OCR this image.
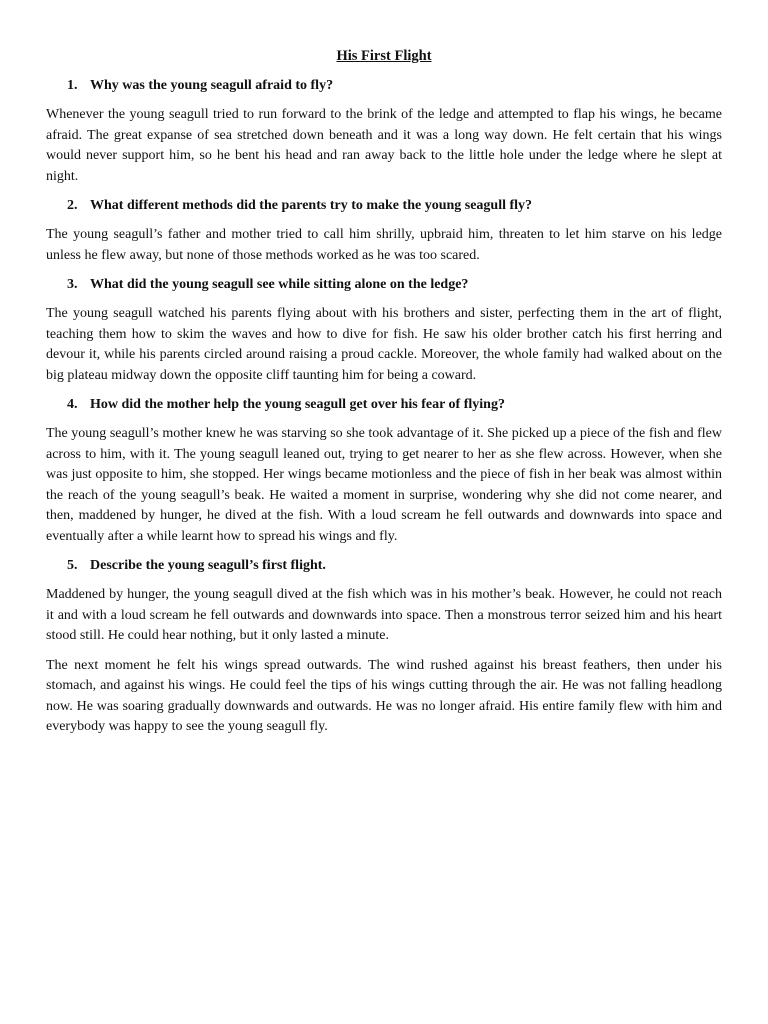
His First Flight
1. Why was the young seagull afraid to fly?

Whenever the young seagull tried to run forward to the brink of the ledge and attempted to flap his wings, he became afraid. The great expanse of sea stretched down beneath and it was a long way down. He felt certain that his wings would never support him, so he bent his head and ran away back to the little hole under the ledge where he slept at night.

2. What different methods did the parents try to make the young seagull fly?

The young seagull’s father and mother tried to call him shrilly, upbraid him, threaten to let him starve on his ledge unless he flew away, but none of those methods worked as he was too scared.

3. What did the young seagull see while sitting alone on the ledge?

The young seagull watched his parents flying about with his brothers and sister, perfecting them in the art of flight, teaching them how to skim the waves and how to dive for fish. He saw his older brother catch his first herring and devour it, while his parents circled around raising a proud cackle. Moreover, the whole family had walked about on the big plateau midway down the opposite cliff taunting him for being a coward.

4. How did the mother help the young seagull get over his fear of flying?

The young seagull’s mother knew he was starving so she took advantage of it. She picked up a piece of the fish and flew across to him, with it. The young seagull leaned out, trying to get nearer to her as she flew across. However, when she was just opposite to him, she stopped. Her wings became motionless and the piece of fish in her beak was almost within the reach of the young seagull’s beak. He waited a moment in surprise, wondering why she did not come nearer, and then, maddened by hunger, he dived at the fish. With a loud scream he fell outwards and downwards into space and eventually after a while learnt how to spread his wings and fly.

5. Describe the young seagull’s first flight.

Maddened by hunger, the young seagull dived at the fish which was in his mother’s beak. However, he could not reach it and with a loud scream he fell outwards and downwards into space. Then a monstrous terror seized him and his heart stood still. He could hear nothing, but it only lasted a minute.

The next moment he felt his wings spread outwards. The wind rushed against his breast feathers, then under his stomach, and against his wings. He could feel the tips of his wings cutting through the air. He was not falling headlong now. He was soaring gradually downwards and outwards. He was no longer afraid. His entire family flew with him and everybody was happy to see the young seagull fly.
